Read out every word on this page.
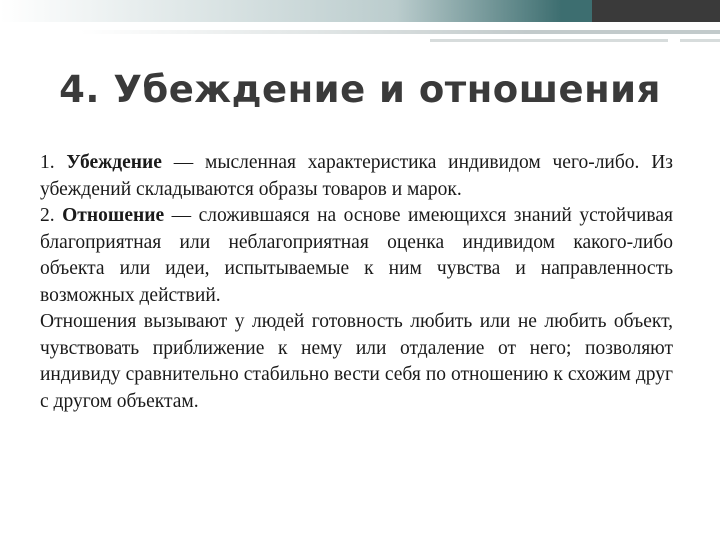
4. Убеждение и отношения

1. Убеждение — мысленная характеристика индивидом чего-либо. Из убеждений складываются образы товаров и марок.

2. Отношение — сложившаяся на основе имеющихся знаний устойчивая благоприятная или неблагоприятная оценка индивидом какого-либо объекта или идеи, испытываемые к ним чувства и направленность возможных действий.

Отношения вызывают у людей готовность любить или не любить объект, чувствовать приближение к нему или отдаление от него; позволяют индивиду сравнительно стабильно вести себя по отношению к схожим друг с другом объектам.
